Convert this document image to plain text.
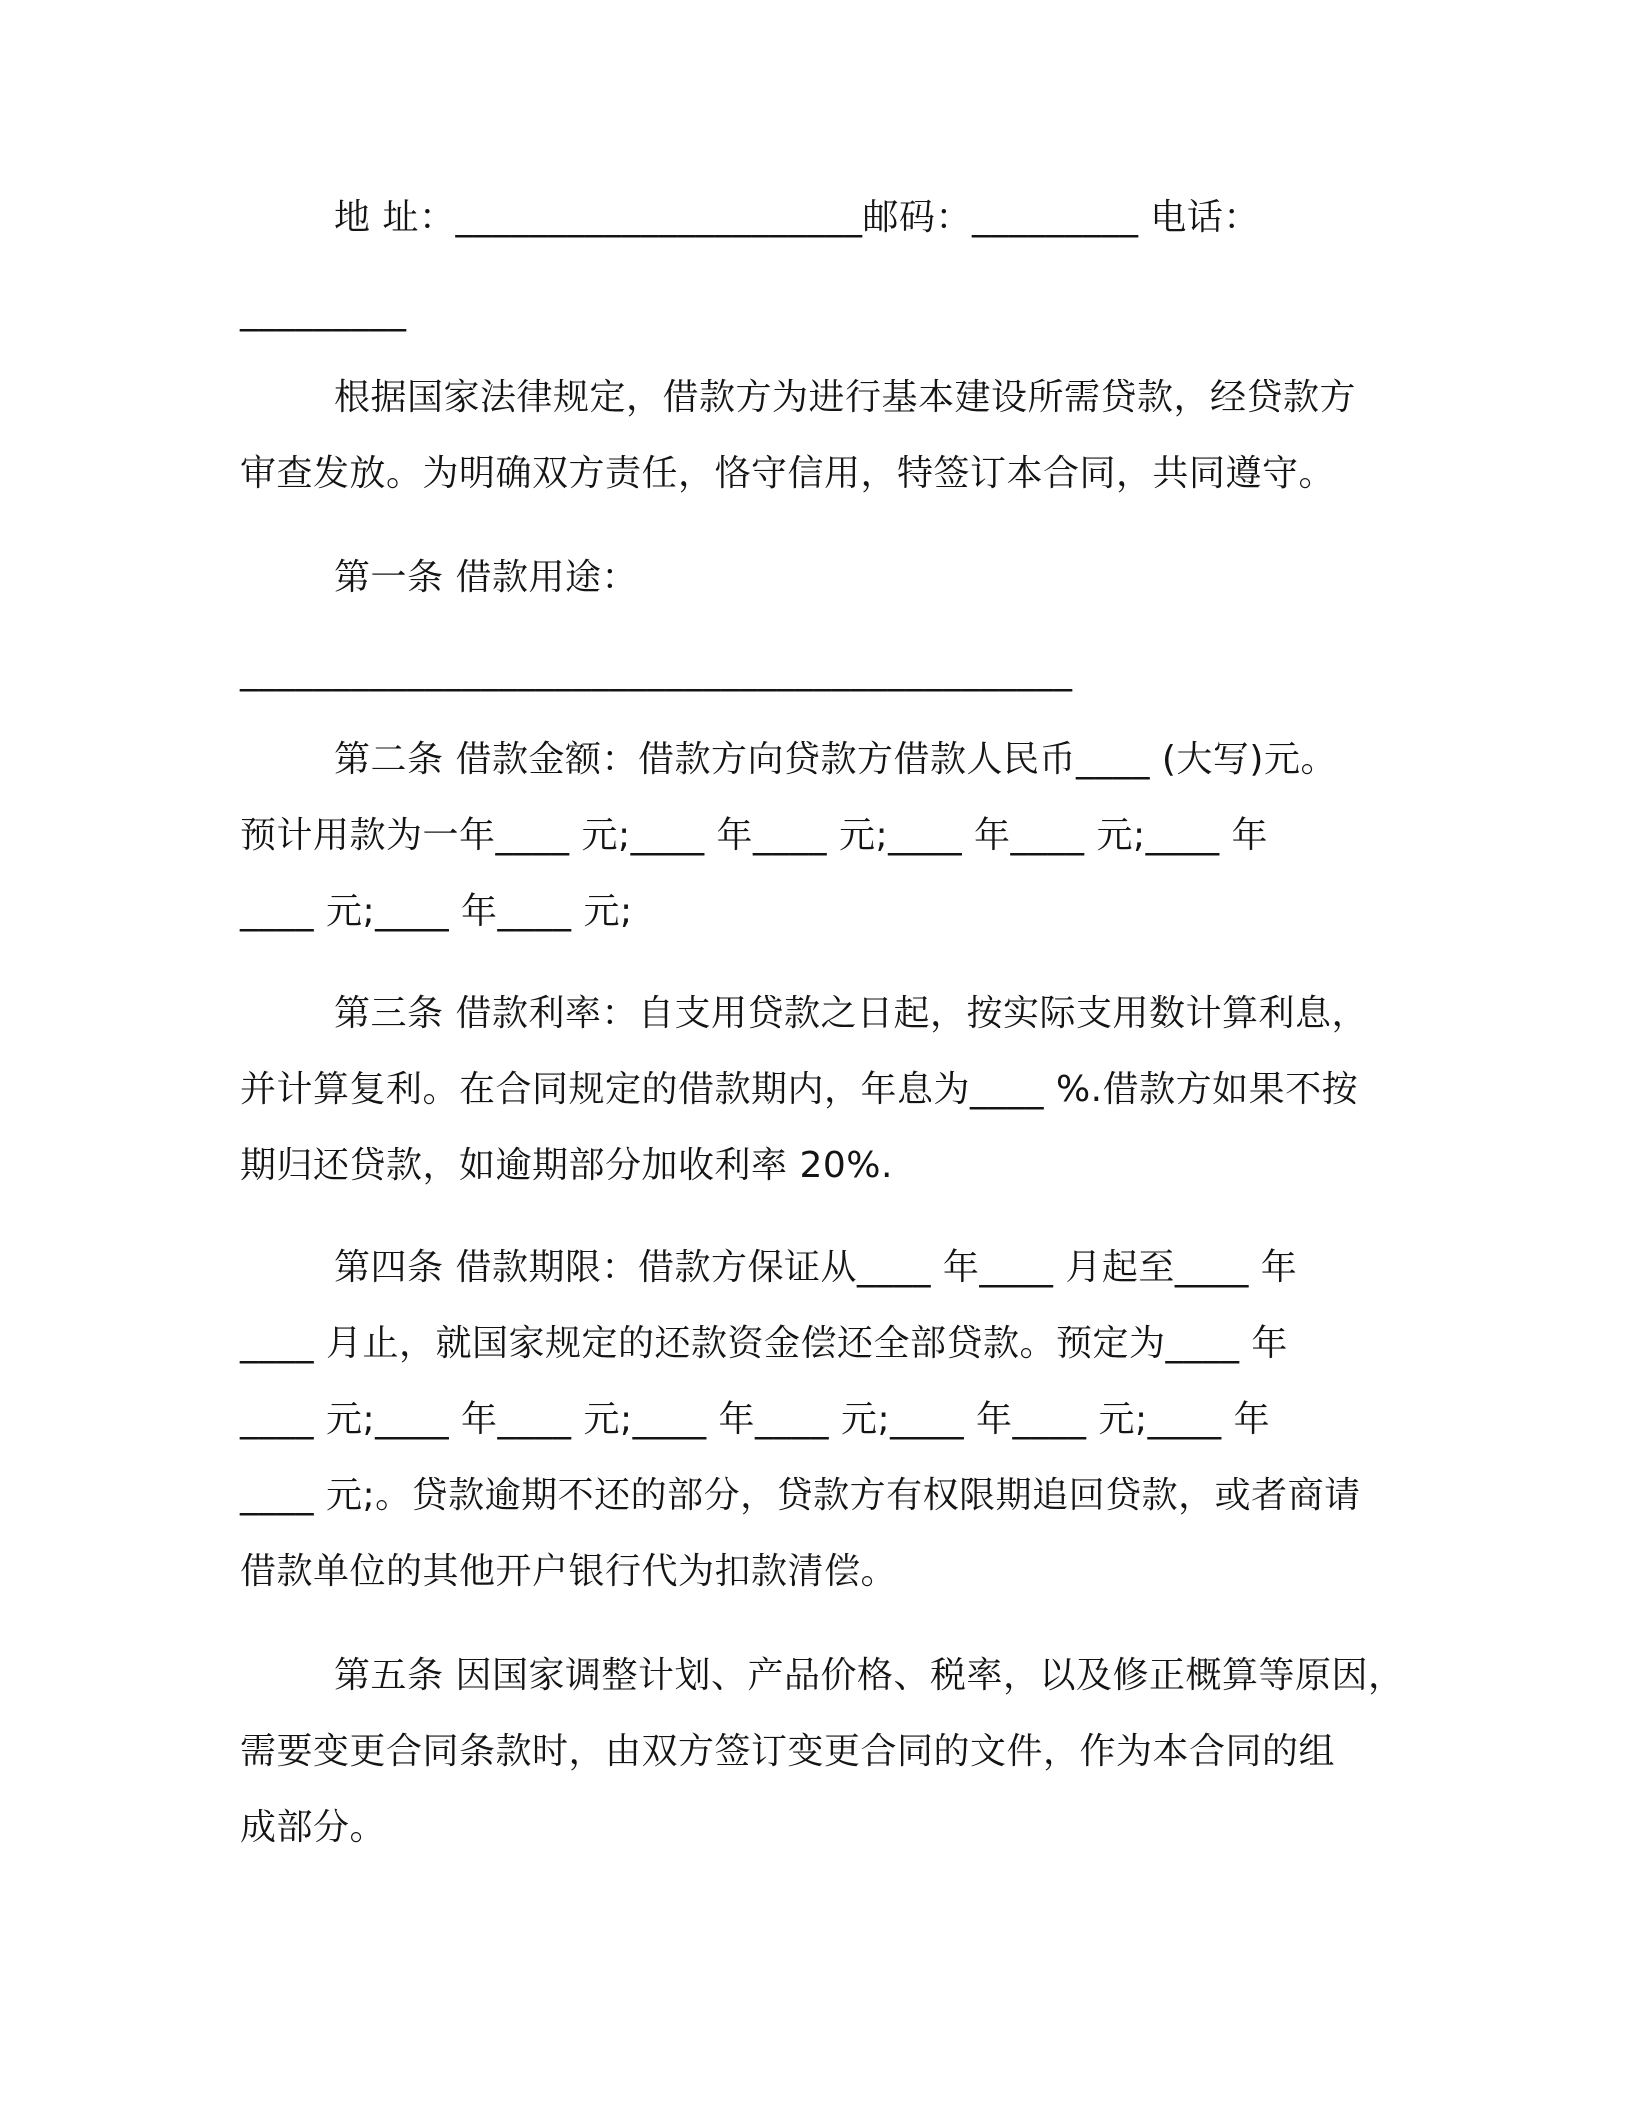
地 址：______________________邮码：_________ 电话：
_________
根据国家法律规定，借款方为进行基本建设所需贷款，经贷款方
审查发放。为明确双方责任，恪守信用，特签订本合同，共同遵守。
第一条 借款用途：
_____________________________________________
第二条 借款金额：借款方向贷款方借款人民币____ (大写)元。
预计用款为一年____ 元;____ 年____ 元;____ 年____ 元;____ 年
____ 元;____ 年____ 元;
第三条 借款利率：自支用贷款之日起，按实际支用数计算利息，
并计算复利。在合同规定的借款期内，年息为____ %.借款方如果不按
期归还贷款，如逾期部分加收利率 20%.
第四条 借款期限：借款方保证从____ 年____ 月起至____ 年
____ 月止，就国家规定的还款资金偿还全部贷款。预定为____ 年
____ 元;____ 年____ 元;____ 年____ 元;____ 年____ 元;____ 年
____ 元;。贷款逾期不还的部分，贷款方有权限期追回贷款，或者商请
借款单位的其他开户银行代为扣款清偿。
第五条 因国家调整计划、产品价格、税率，以及修正概算等原因，
需要变更合同条款时，由双方签订变更合同的文件，作为本合同的组
成部分。
